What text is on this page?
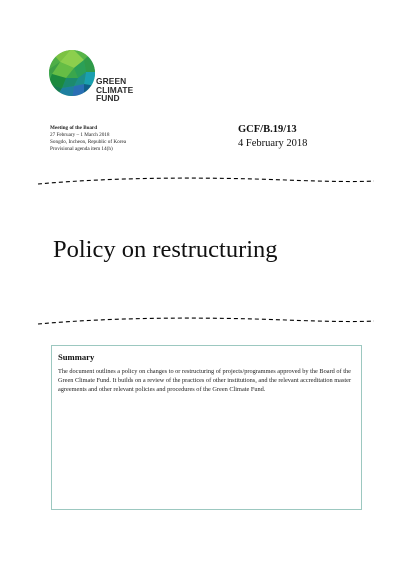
GREEN
CLIMATE
FUND
Meeting of the Board
27 February – 1 March 2018
Songdo, Incheon, Republic of Korea
Provisional agenda item 14(h)
GCF/B.19/13
4 February 2018
Policy on restructuring
Summary

The document outlines a policy on changes to or restructuring of projects/programmes approved by the Board of the Green Climate Fund. It builds on a review of the practices of other institutions, and the relevant accreditation master agreements and other relevant policies and procedures of the Green Climate Fund.
